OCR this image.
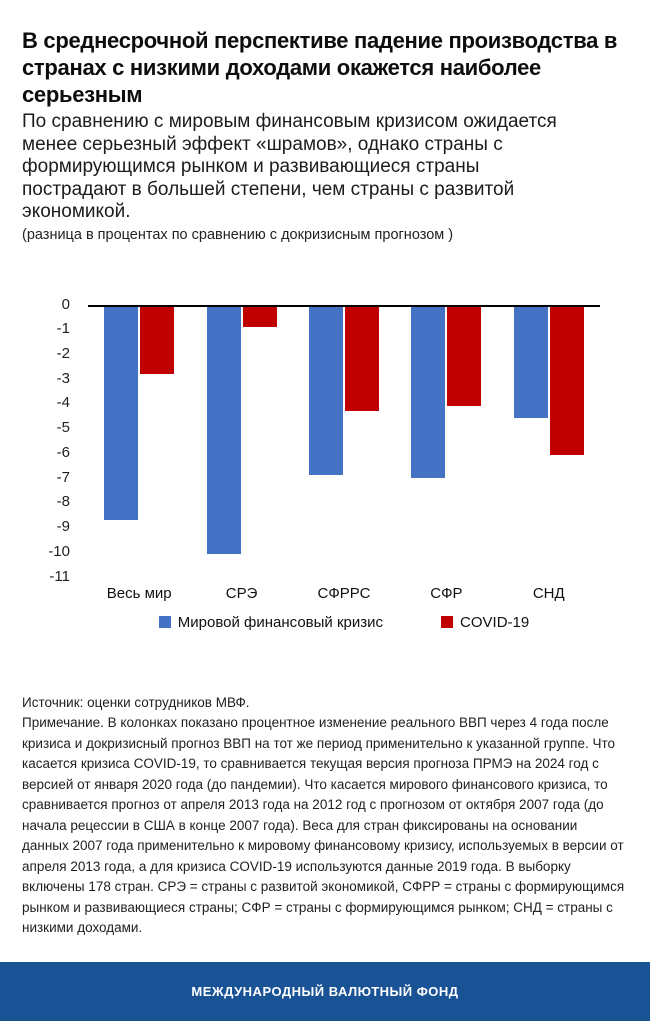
В среднесрочной перспективе падение производства в странах с низкими доходами окажется наиболее серьезным

По сравнению с мировым финансовым кризисом ожидается менее серьезный эффект «шрамов», однако страны с формирующимся рынком и развивающиеся страны пострадают в большей степени, чем страны с развитой экономикой.

(разница в процентах по сравнению с докризисным прогнозом )

0
-1
-2
-3
-4
-5
-6
-7
-8
-9
-10
-11
Весь мир	СРЭ	СФРРС	СФР	СНД
Мировой финансовый кризис	COVID-19

Источник: оценки сотрудников МВФ.

Примечание. В колонках показано процентное изменение реального ВВП через 4 года после кризиса и докризисный прогноз ВВП на тот же период применительно к указанной группе. Что касается кризиса COVID-19, то сравнивается текущая версия прогноза ПРМЭ на 2024 год с версией от января 2020 года (до пандемии). Что касается мирового финансового кризиса, то сравнивается прогноз от апреля 2013 года на 2012 год с прогнозом от октября 2007 года (до начала рецессии в США в конце 2007 года). Веса для стран фиксированы на основании данных 2007 года применительно к мировому финансовому кризису, используемых в версии от апреля 2013 года, а для кризиса COVID-19 используются данные 2019 года. В выборку включены 178 стран. СРЭ = страны с развитой экономикой, СФРР = страны с формирующимся рынком и развивающиеся страны; СФР = страны с формирующимся рынком; СНД = страны с низкими доходами.

МЕЖДУНАРОДНЫЙ ВАЛЮТНЫЙ ФОНД
